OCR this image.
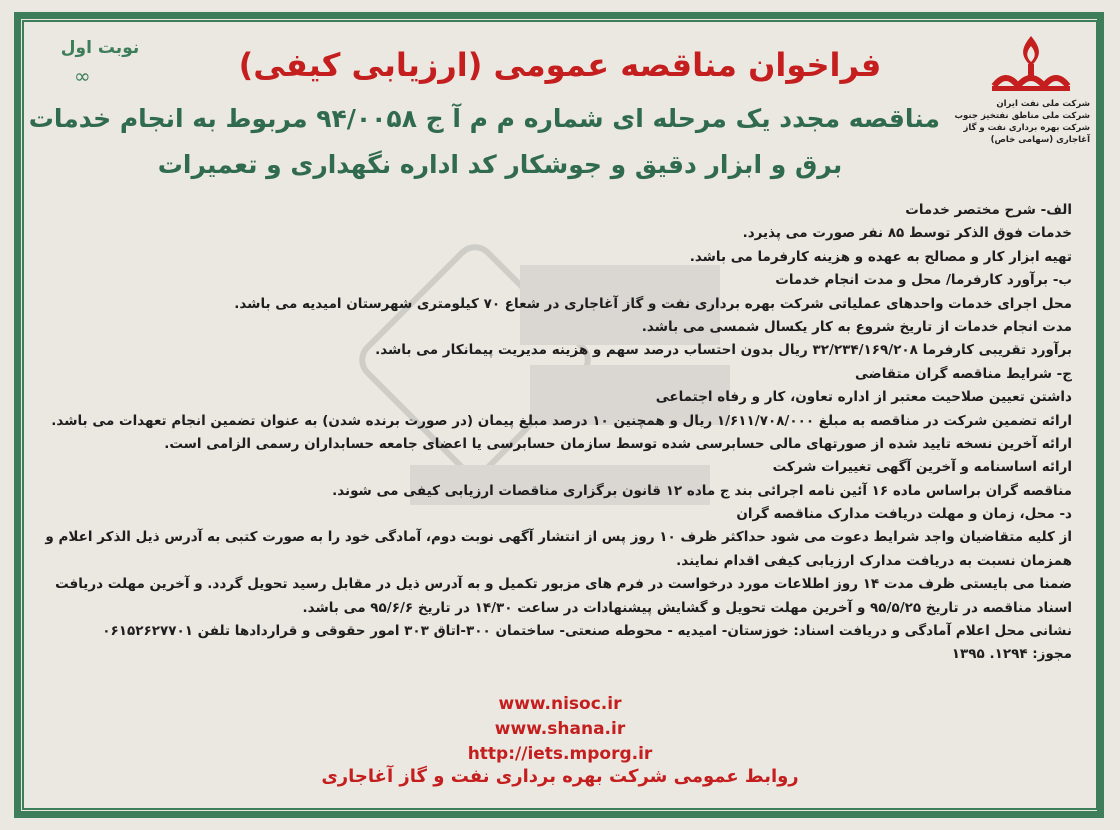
شرکت ملی نفت ایران
شرکت ملی مناطق نفتخیز جنوب
شرکت بهره برداری نفت و گاز
آغاجاری (سهامی خاص)
نوبت اول
∞	فراخوان مناقصه عمومی (ارزیابی کیفی)
مناقصه مجدد یک مرحله ای شماره م م آ ج ۹۴/۰۰۵۸ مربوط به انجام خدمات
برق و ابزار دقیق و جوشکار کد اداره نگهداری و تعمیرات
الف- شرح مختصر خدمات
خدمات فوق الذکر توسط ۸۵ نفر صورت می پذیرد.
تهیه ابزار کار و مصالح به عهده و هزینه کارفرما می باشد.
ب- برآورد کارفرما/ محل و مدت انجام خدمات
محل اجرای خدمات واحدهای عملیاتی شرکت بهره برداری نفت و گاز آغاجاری در شعاع ۷۰ کیلومتری شهرستان امیدیه می باشد.
مدت انجام خدمات از تاریخ شروع به کار یکسال شمسی می باشد.
برآورد تقریبی کارفرما ۳۲/۲۳۴/۱۶۹/۲۰۸ ریال بدون احتساب درصد سهم و هزینه مدیریت پیمانکار می باشد.
ج- شرایط مناقصه گران متقاضی
داشتن تعیین صلاحیت معتبر از اداره تعاون، کار و رفاه اجتماعی
ارائه تضمین شرکت در مناقصه به مبلغ ۱/۶۱۱/۷۰۸/۰۰۰ ریال و همچنین ۱۰ درصد مبلغ پیمان (در صورت برنده شدن) به عنوان تضمین انجام تعهدات می باشد.
ارائه آخرین نسخه تایید شده از صورتهای مالی حسابرسی شده توسط سازمان حسابرسی یا اعضای جامعه حسابداران رسمی الزامی است.
ارائه اساسنامه و آخرین آگهی تغییرات شرکت
مناقصه گران براساس ماده ۱۶ آئین نامه اجرائی بند ج ماده ۱۲ قانون برگزاری مناقصات ارزیابی کیفی می شوند.
د- محل، زمان و مهلت دریافت مدارک مناقصه گران
از کلیه متقاضیان واجد شرایط دعوت می شود حداکثر ظرف ۱۰ روز پس از انتشار آگهی نوبت دوم، آمادگی خود را به صورت کتبی به آدرس ذیل الذکر اعلام و
همزمان نسبت به دریافت مدارک ارزیابی کیفی اقدام نمایند.
ضمنا می بایستی ظرف مدت ۱۴ روز اطلاعات مورد درخواست در فرم های مزبور تکمیل و به آدرس ذیل در مقابل رسید تحویل گردد. و آخرین مهلت دریافت
اسناد مناقصه در تاریخ ۹۵/۵/۲۵ و آخرین مهلت تحویل و گشایش پیشنهادات در ساعت ۱۴/۳۰ در تاریخ ۹۵/۶/۶ می باشد.
نشانی محل اعلام آمادگی و دریافت اسناد: خوزستان- امیدیه - محوطه صنعتی- ساختمان ۳۰۰-اتاق ۳۰۳ امور حقوقی و قراردادها تلفن ۰۶۱۵۲۶۲۷۷۰۱
مجوز: ۱۲۹۴. ۱۳۹۵
www.nisoc.ir
www.shana.ir
http://iets.mporg.ir
روابط عمومی شرکت بهره برداری نفت و گاز آغاجاری
